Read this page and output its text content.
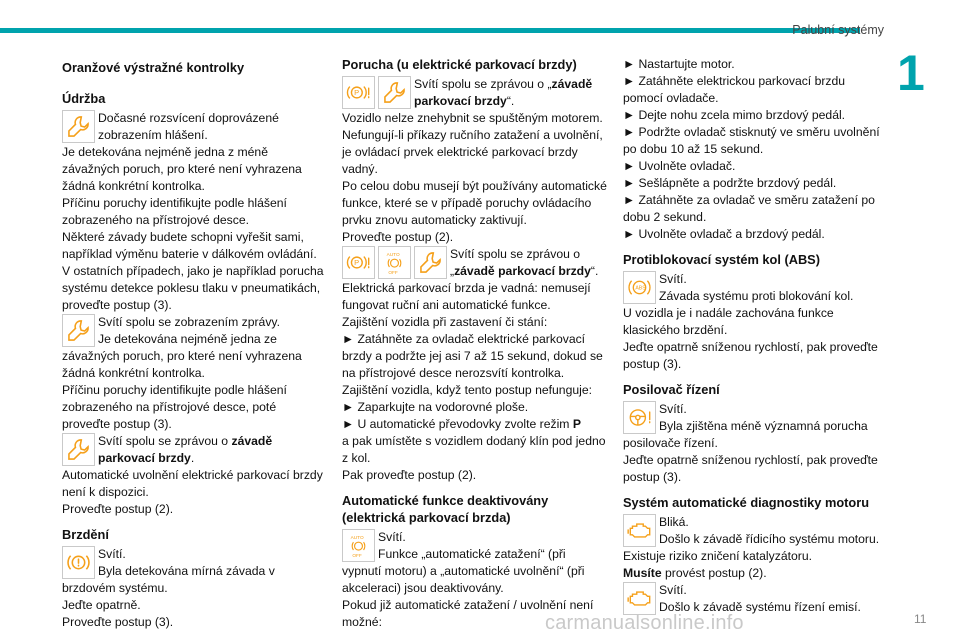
Palubní systémy
1
Oranžové výstražné kontrolky
Údržba
Dočasné rozsvícení doprovázené zobrazením hlášení.

Je detekována nejméně jedna z méně závažných poruch, pro které není vyhrazena žádná konkrétní kontrolka.

Příčinu poruchy identifikujte podle hlášení zobrazeného na přístrojové desce.

Některé závady budete schopni vyřešit sami, například výměnu baterie v dálkovém ovládání.

V ostatních případech, jako je například porucha systému detekce poklesu tlaku v pneumatikách, proveďte postup (3).

Svítí spolu se zobrazením zprávy.
Je detekována nejméně jedna ze

závažných poruch, pro které není vyhrazena žádná konkrétní kontrolka.

Příčinu poruchy identifikujte podle hlášení zobrazeného na přístrojové desce, poté proveďte postup (3).

Svítí spolu se zprávou o závadě parkovací brzdy.

Automatické uvolnění elektrické parkovací brzdy není k dispozici.

Proveďte postup (2).

Brzdění
Svítí.
Byla detekována mírná závada v

brzdovém systému.

Jeďte opatrně.

Proveďte postup (3).

Porucha (u elektrické parkovací brzdy)
P
Svítí spolu se zprávou o „závadě parkovací brzdy“.

Vozidlo nelze znehybnit se spuštěným motorem.

Nefungují-li příkazy ručního zatažení a uvolnění, je ovládací prvek elektrické parkovací brzdy vadný.

Po celou dobu musejí být používány automatické funkce, které se v případě poruchy ovládacího prvku znovu automaticky zaktivují.

Proveďte postup (2).

P
AUTO
OFF
Svítí spolu se zprávou o „závadě parkovací brzdy“.

Elektrická parkovací brzda je vadná: nemusejí fungovat ruční ani automatické funkce.

Zajištění vozidla při zastavení či stání:

► Zatáhněte za ovladač elektrické parkovací brzdy a podržte jej asi 7 až 15 sekund, dokud se na přístrojové desce nerozsvítí kontrolka.

Zajištění vozidla, když tento postup nefunguje:

► Zaparkujte na vodorovné ploše.

► U automatické převodovky zvolte režim P
a pak umístěte s vozidlem dodaný klín pod jedno z kol.

Pak proveďte postup (2).

Automatické funkce deaktivovány (elektrická parkovací brzda)
AUTO
OFF
Svítí.
Funkce „automatické zatažení“ (při

vypnutí motoru) a „automatické uvolnění“ (při akceleraci) jsou deaktivovány.

Pokud již automatické zatažení / uvolnění není možné:

► Nastartujte motor.

► Zatáhněte elektrickou parkovací brzdu pomocí ovladače.

► Dejte nohu zcela mimo brzdový pedál.

► Podržte ovladač stisknutý ve směru uvolnění po dobu 10 až 15 sekund.

► Uvolněte ovladač.

► Sešlápněte a podržte brzdový pedál.

► Zatáhněte za ovladač ve směru zatažení po dobu 2 sekund.

► Uvolněte ovladač a brzdový pedál.

Protiblokovací systém kol (ABS)
ABS
Svítí.
Závada systému proti blokování kol.

U vozidla je i nadále zachována funkce klasického brzdění.

Jeďte opatrně sníženou rychlostí, pak proveďte postup (3).

Posilovač řízení
Svítí.
Byla zjištěna méně významná porucha

posilovače řízení.

Jeďte opatrně sníženou rychlostí, pak proveďte postup (3).

Systém automatické diagnostiky motoru
Bliká.
Došlo k závadě řídicího systému motoru.

Existuje riziko zničení katalyzátoru.

Musíte provést postup (2).

Svítí.
Došlo k závadě systému řízení emisí.
carmanualsonline.info	11
